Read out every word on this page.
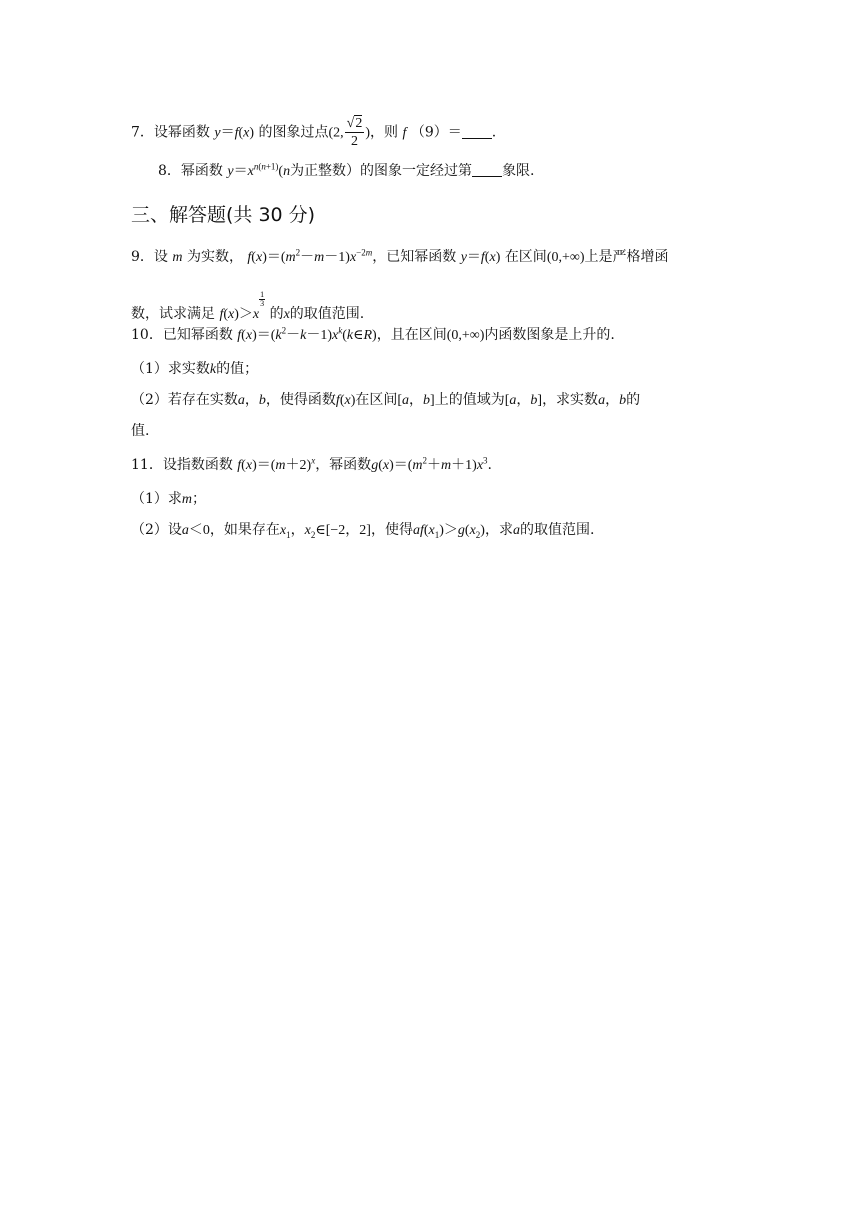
7．设幂函数 y＝f(x) 的图象过点(2, $\frac{√2}{2}$ )，则 f （9）＝ .
8．幂函数 $y=x^{n(n+1)}(n$为正整数）的图象一定经过第 象限.
三、解答题(共 30 分)
9．设 m 为实数， $f(x)=(m^2-m-1)x^{-2m}$，已知幂函数 y＝f(x) 在区间(0,+∞)上是严格增函
数，试求满足 f(x)＞x
$\frac{1}{3}$
的x的取值范围.
10．已知幂函数 $f(x)=(k^2-k-1)x^k(k\in R)$，且在区间(0,+∞)内函数图象是上升的.
（1）求实数k的值；
（2）若存在实数a，b，使得函数f(x)在区间[a，b]上的值域为[a，b]，求实数a，b的
值.
11．设指数函数 $f(x)=(m+2)^x$，幂函数$g(x)=(m^2+m+1)x^3$.
（1）求m；
（2）设a＜0，如果存在$x_1$，$x_2\in[-2$，2]，使得$af(x_1)>g(x_2)$，求a的取值范围.
